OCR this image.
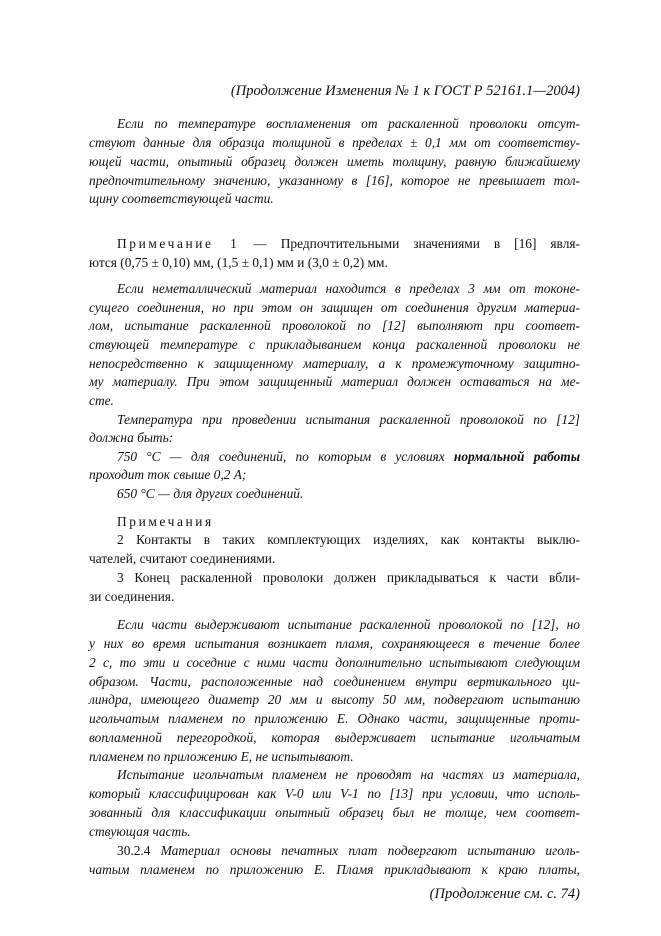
(Продолжение Изменения № 1 к ГОСТ Р 52161.1—2004)
Если по температуре воспламенения от раскаленной проволоки отсут-
ствуют данные для образца толщиной в пределах ± 0,1 мм от соответству-
ющей части, опытный образец должен иметь толщину, равную ближайшему
предпочтительному значению, указанному в [16], которое не превышает тол-
щину соответствующей части.
Примечание 1 — Предпочтительными значениями в [16] явля-
ются (0,75 ± 0,10) мм, (1,5 ± 0,1) мм и (3,0 ± 0,2) мм.
Если неметаллический материал находится в пределах 3 мм от токоне-
сущего соединения, но при этом он защищен от соединения другим материа-
лом, испытание раскаленной проволокой по [12] выполняют при соответ-
ствующей температуре с прикладыванием конца раскаленной проволоки не
непосредственно к защищенному материалу, а к промежуточному защитно-
му материалу. При этом защищенный материал должен оставаться на ме-
сте.
Температура при проведении испытания раскаленной проволокой по [12]
должна быть:
750 °С — для соединений, по которым в условиях нормальной работы
проходит ток свыше 0,2 А;
650 °С — для других соединений.
Примечания
2 Контакты в таких комплектующих изделиях, как контакты выклю-
чателей, считают соединениями.
3 Конец раскаленной проволоки должен прикладываться к части вбли-
зи соединения.
Если части выдерживают испытание раскаленной проволокой по [12], но
у них во время испытания возникает пламя, сохраняющееся в течение более
2 с, то эти и соседние с ними части дополнительно испытывают следующим
образом. Части, расположенные над соединением внутри вертикального ци-
линдра, имеющего диаметр 20 мм и высоту 50 мм, подвергают испытанию
игольчатым пламенем по приложению Е. Однако части, защищенные проти-
вопламенной перегородкой, которая выдерживает испытание игольчатым
пламенем по приложению Е, не испытывают.
Испытание игольчатым пламенем не проводят на частях из материала,
который классифицирован как V-0 или V-1 по [13] при условии, что исполь-
зованный для классификации опытный образец был не толще, чем соответ-
ствующая часть.
30.2.4 Материал основы печатных плат подвергают испытанию иголь-
чатым пламенем по приложению Е. Пламя прикладывают к краю платы,
(Продолжение см. с. 74)
